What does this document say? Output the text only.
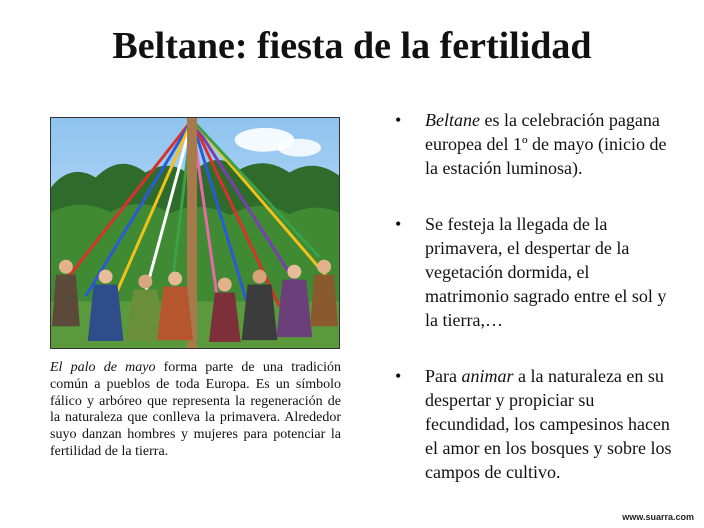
Beltane: fiesta de la fertilidad

El palo de mayo forma parte de una tradición común a pueblos de toda Europa. Es un símbolo fálico y arbóreo que representa la regeneración de la naturaleza que conlleva la primavera. Alrededor suyo danzan hombres y mujeres para potenciar la fertilidad de la tierra.

• Beltane es la celebración pagana europea del 1º de mayo (inicio de la estación luminosa).
• Se festeja la llegada de la primavera, el despertar de la vegetación dormida, el matrimonio sagrado entre el sol y la tierra,…
• Para animar a la naturaleza en su despertar y propiciar su fecundidad, los campesinos hacen el amor en los bosques y sobre los campos de cultivo.
www.suarra.com
